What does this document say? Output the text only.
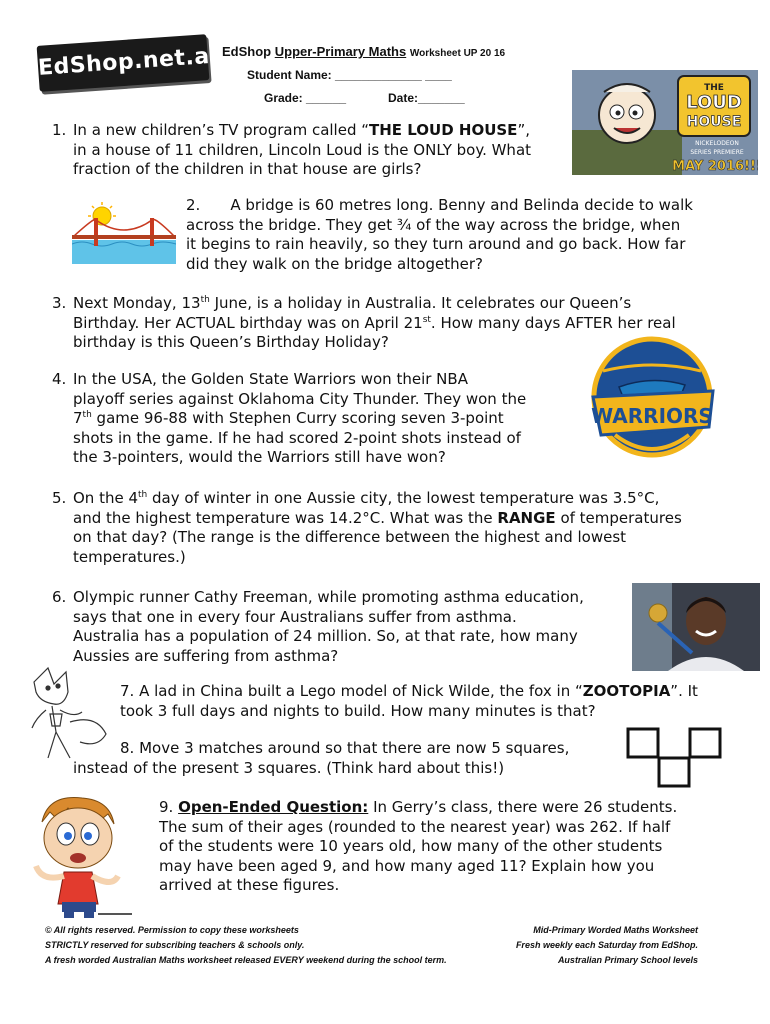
EdShop.net.au
EdShop Upper-Primary Maths Worksheet UP 20 16
Student Name: _____________ ____
Grade: ______	Date:_______
THE
LOUD
HOUSE
NICKELODEON
SERIES PREMIERE
MAY 2016!!!
1. In a new children’s TV program called “THE LOUD HOUSE”,
in a house of 11 children, Lincoln Loud is the ONLY boy. What
fraction of the children in that house are girls?
2. A bridge is 60 metres long. Benny and Belinda decide to walk
across the bridge. They get ¾ of the way across the bridge, when
it begins to rain heavily, so they turn around and go back. How far
did they walk on the bridge altogether?
3. Next Monday, 13th June, is a holiday in Australia. It celebrates our Queen’s
Birthday. Her ACTUAL birthday was on April 21st. How many days AFTER her real
birthday is this Queen’s Birthday Holiday?
WARRIORS
4. In the USA, the Golden State Warriors won their NBA
playoff series against Oklahoma City Thunder. They won the
7th game 96-88 with Stephen Curry scoring seven 3-point
shots in the game. If he had scored 2-point shots instead of
the 3-pointers, would the Warriors still have won?
5. On the 4th day of winter in one Aussie city, the lowest temperature was 3.5°C,
and the highest temperature was 14.2°C. What was the RANGE of temperatures
on that day? (The range is the difference between the highest and lowest
temperatures.)
6. Olympic runner Cathy Freeman, while promoting asthma education,
says that one in every four Australians suffer from asthma.
Australia has a population of 24 million. So, at that rate, how many
Aussies are suffering from asthma?
7. A lad in China built a Lego model of Nick Wilde, the fox in “ZOOTOPIA”. It
took 3 full days and nights to build. How many minutes is that?
8. Move 3 matches around so that there are now 5 squares,
instead of the present 3 squares. (Think hard about this!)
9. Open-Ended Question: In Gerry’s class, there were 26 students.
The sum of their ages (rounded to the nearest year) was 262. If half
of the students were 10 years old, how many of the other students
may have been aged 9, and how many aged 11? Explain how you
arrived at these figures.
© All rights reserved. Permission to copy these worksheets
STRICTLY reserved for subscribing teachers & schools only.
A fresh worded Australian Maths worksheet released EVERY weekend during the school term.
Mid-Primary Worded Maths Worksheet
Fresh weekly each Saturday from EdShop.
Australian Primary School levels
